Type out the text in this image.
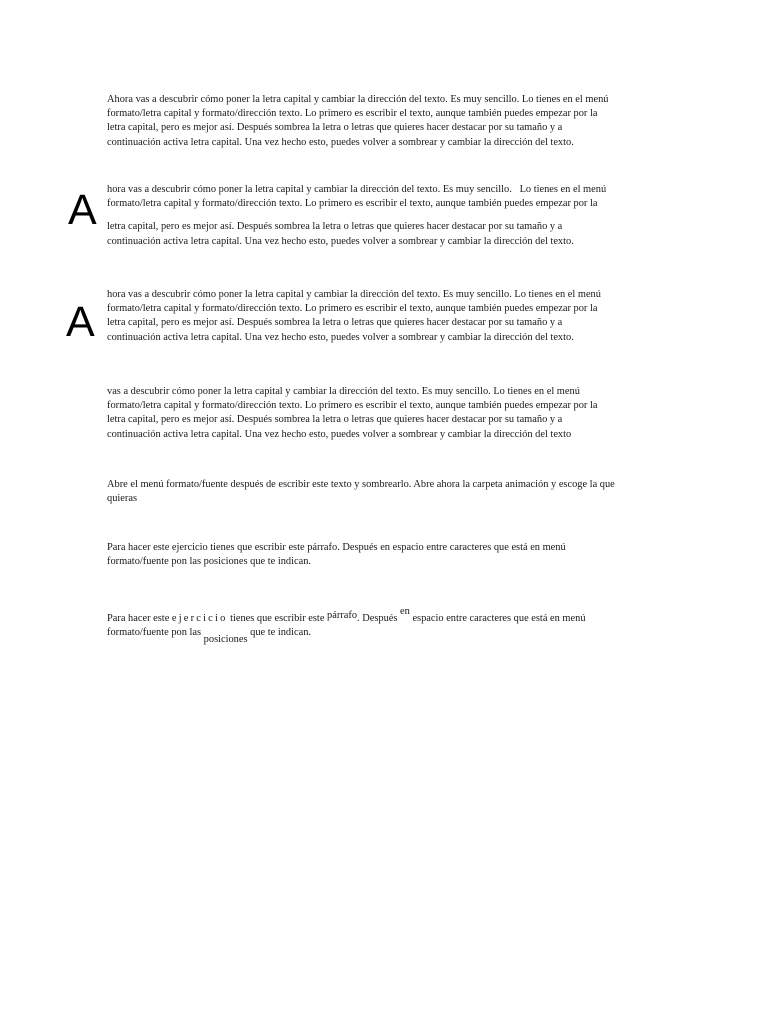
Ahora vas a descubrir cómo poner la letra capital y cambiar la dirección del texto. Es muy sencillo. Lo tienes en el menú
formato/letra capital y formato/dirección texto. Lo primero es escribir el texto, aunque también puedes empezar por la
letra capital, pero es mejor así. Después sombrea la letra o letras que quieres hacer destacar por su tamaño y a
continuación activa letra capital. Una vez hecho esto, puedes volver a sombrear y cambiar la dirección del texto.
A hora vas a descubrir cómo poner la letra capital y cambiar la dirección del texto. Es muy sencillo.   Lo tienes en el menú
formato/letra capital y formato/dirección texto. Lo primero es escribir el texto, aunque también puedes empezar por la
letra capital, pero es mejor así. Después sombrea la letra o letras que quieres hacer destacar por su tamaño y a
continuación activa letra capital. Una vez hecho esto, puedes volver a sombrear y cambiar la dirección del texto.
A
hora vas a descubrir cómo poner la letra capital y cambiar la dirección del texto. Es muy sencillo. Lo tienes en el menú
formato/letra capital y formato/dirección texto. Lo primero es escribir el texto, aunque también puedes empezar por la
letra capital, pero es mejor así. Después sombrea la letra o letras que quieres hacer destacar por su tamaño y a
continuación activa letra capital. Una vez hecho esto, puedes volver a sombrear y cambiar la dirección del texto.
vas a descubrir cómo poner la letra capital y cambiar la dirección del texto. Es muy sencillo. Lo tienes en el menú
formato/letra capital y formato/dirección texto. Lo primero es escribir el texto, aunque también puedes empezar por la
letra capital, pero es mejor así. Después sombrea la letra o letras que quieres hacer destacar por su tamaño y a
continuación activa letra capital. Una vez hecho esto, puedes volver a sombrear y cambiar la dirección del texto
Abre el menú formato/fuente después de escribir este texto y sombrearlo. Abre ahora la carpeta animación y escoge la que
quieras
Para hacer este ejercicio tienes que escribir este párrafo. Después en espacio entre caracteres que está en menú
formato/fuente pon las posiciones que te indican.
Para hacer este ejercicio tienes que escribir este párrafo. Después en espacio entre caracteres que está en menú
formato/fuente pon las posiciones que te indican.
